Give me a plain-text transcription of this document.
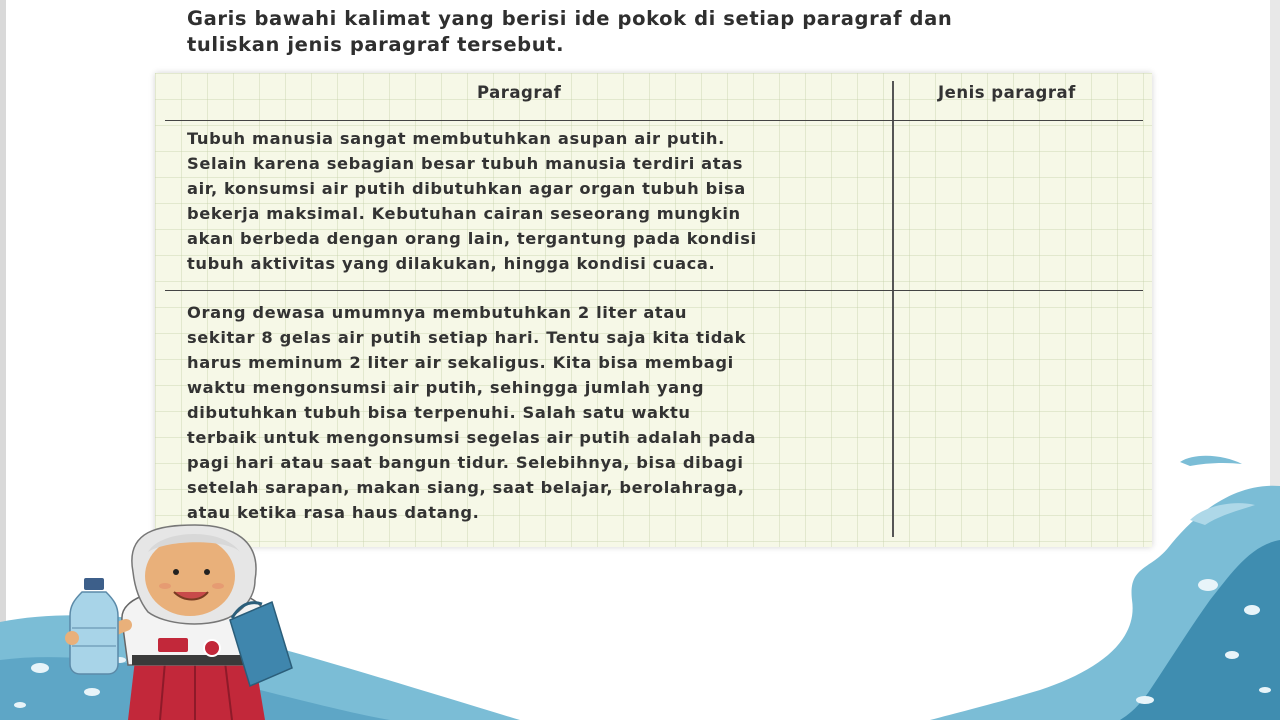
Garis bawahi kalimat yang berisi ide pokok di setiap paragraf dan
tuliskan jenis paragraf tersebut.
Paragraf	Jenis paragraf
Tubuh manusia sangat membutuhkan asupan air putih.
Selain karena sebagian besar tubuh manusia terdiri atas
air, konsumsi air putih dibutuhkan agar organ tubuh bisa
bekerja maksimal. Kebutuhan cairan seseorang mungkin
akan berbeda dengan orang lain, tergantung pada kondisi
tubuh aktivitas yang dilakukan, hingga kondisi cuaca.
Orang dewasa umumnya membutuhkan 2 liter atau
sekitar 8 gelas air putih setiap hari. Tentu saja kita tidak
harus meminum 2 liter air sekaligus. Kita bisa membagi
waktu mengonsumsi air putih, sehingga jumlah yang
dibutuhkan tubuh bisa terpenuhi. Salah satu waktu
terbaik untuk mengonsumsi segelas air putih adalah pada
pagi hari atau saat bangun tidur. Selebihnya, bisa dibagi
setelah sarapan, makan siang, saat belajar, berolahraga,
atau ketika rasa haus datang.
